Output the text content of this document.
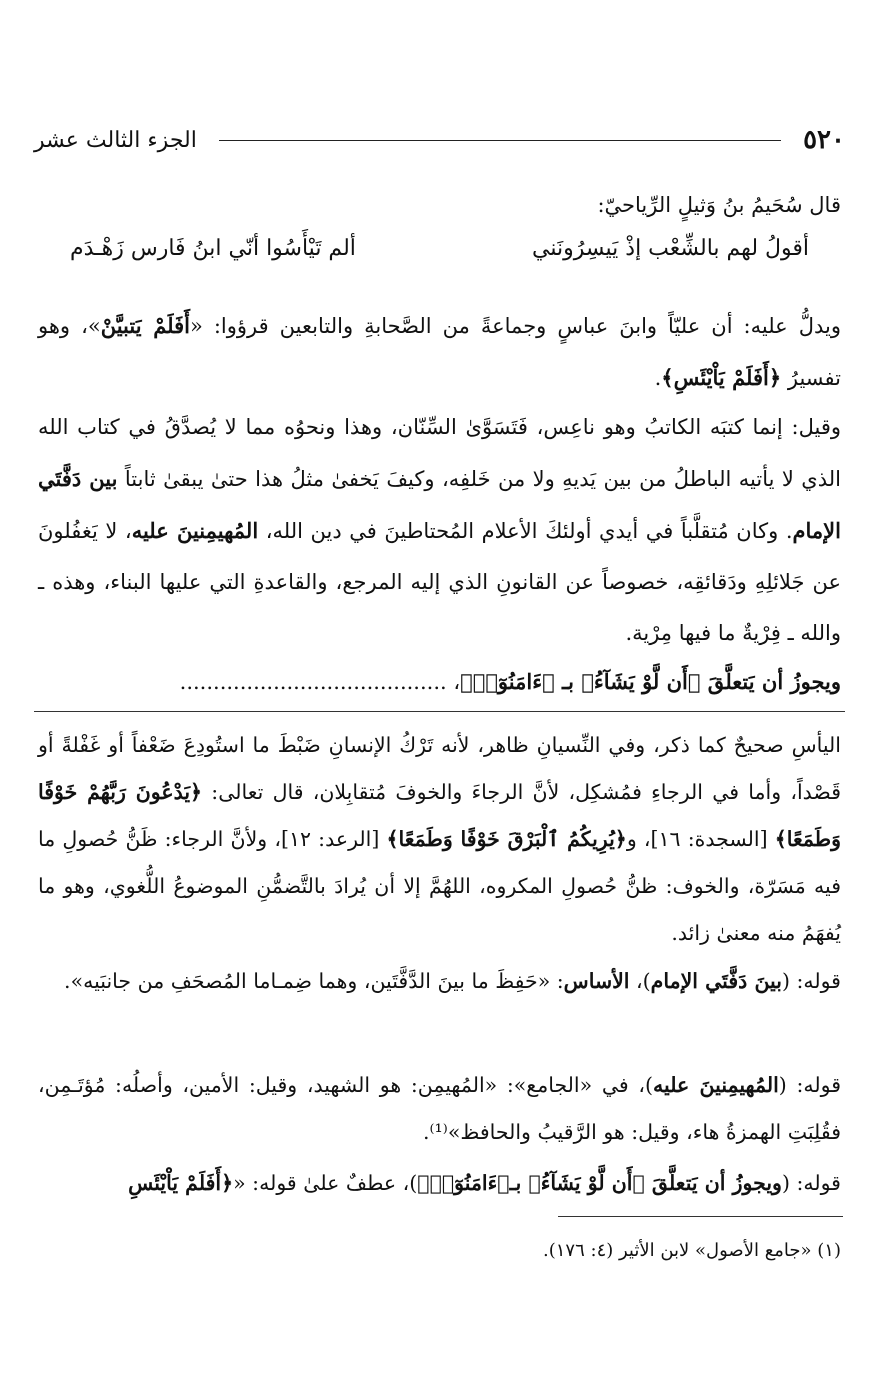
٥٢٠
الجزء الثالث عشر
قال سُحَيمُ بنُ وَثيلٍ الرِّياحيّ:
أقولُ لهم بالشِّعْب إذْ يَيسِرُونَني
ألم تَيْأَسُوا أنّي ابنُ فَارس زَهْـدَم
ويدلُّ عليه: أن عليّاً وابنَ عباسٍ وجماعةً من الصَّحابةِ والتابعين قرؤوا: «أَفَلَمْ يَتبيَّنْ»، وهو تفسيرُ ﴿أَفَلَمْ يَاْيْئَسِ﴾.
وقيل: إنما كتبَه الكاتبُ وهو ناعِس، فَتَسَوَّىٰ السِّنّان، وهذا ونحوُه مما لا يُصدَّقُ في كتاب الله الذي لا يأتيه الباطلُ من بين يَديهِ ولا من خَلفِه، وكيفَ يَخفىٰ مثلُ هذا حتىٰ يبقىٰ ثابتاً بين دَفَّتَي الإمام. وكان مُتقلَّباً في أيدي أولئكَ الأعلام المُحتاطينَ في دين الله، المُهيمِنينَ عليه، لا يَغفُلونَ عن جَلائلِهِ ودَقائقِه، خصوصاً عن القانونِ الذي إليه المرجع، والقاعدةِ التي عليها البناء، وهذه ـ والله ـ فِرْيةٌ ما فيها مِرْية.
ويجوزُ أن يَتعلَّقَ ﴿أَن لَّوْ يَشَآءُ﴾ بـ ﴿ءَامَنُوٓا۟﴾، ........................................
اليأسِ صحيحٌ كما ذكر، وفي النِّسيانِ ظاهر، لأنه تَرْكُ الإنسانِ ضَبْطَ ما استُودِعَ ضَعْفاً أو غَفْلةً أو قَصْداً، وأما في الرجاءِ فمُشكِل، لأنَّ الرجاءَ والخوفَ مُتقابِلان، قال تعالى: ﴿يَدْعُونَ رَبَّهُمْ خَوْفًا وَطَمَعًا﴾ [السجدة: ١٦]، و﴿يُرِيكُمُ ٱلْبَرْقَ خَوْفًا وَطَمَعًا﴾ [الرعد: ١٢]، ولأنَّ الرجاء: ظَنُّ حُصولِ ما فيه مَسَرّة، والخوف: ظنُّ حُصولِ المكروه، اللهُمَّ إلا أن يُرادَ بالتَّضمُّنِ الموضوعُ اللُّغوي، وهو ما يُفهَمُ منه معنىٰ زائد.
قوله: (بينَ دَفَّتَي الإمام)، الأساس: «حَفِظَ ما بينَ الدَّفَّتَين، وهما ضِمـاما المُصحَفِ من جانبَيه».
قوله: (المُهيمِنينَ عليه)، في «الجامع»: «المُهيمِن: هو الشهيد، وقيل: الأمين، وأصلُه: مُؤتَـمِن، فقُلِبَتِ الهمزةُ هاء، وقيل: هو الرَّقيبُ والحافظ»⁽¹⁾.
قوله: (ويجوزُ أن يَتعلَّقَ ﴿أَن لَّوْ يَشَآءُ﴾ بـ﴿ءَامَنُوٓا۟﴾)، عطفٌ علىٰ قوله: «﴿أَفَلَمْ يَاْيْئَسِ
(١) «جامع الأصول» لابن الأثير (٤: ١٧٦).
